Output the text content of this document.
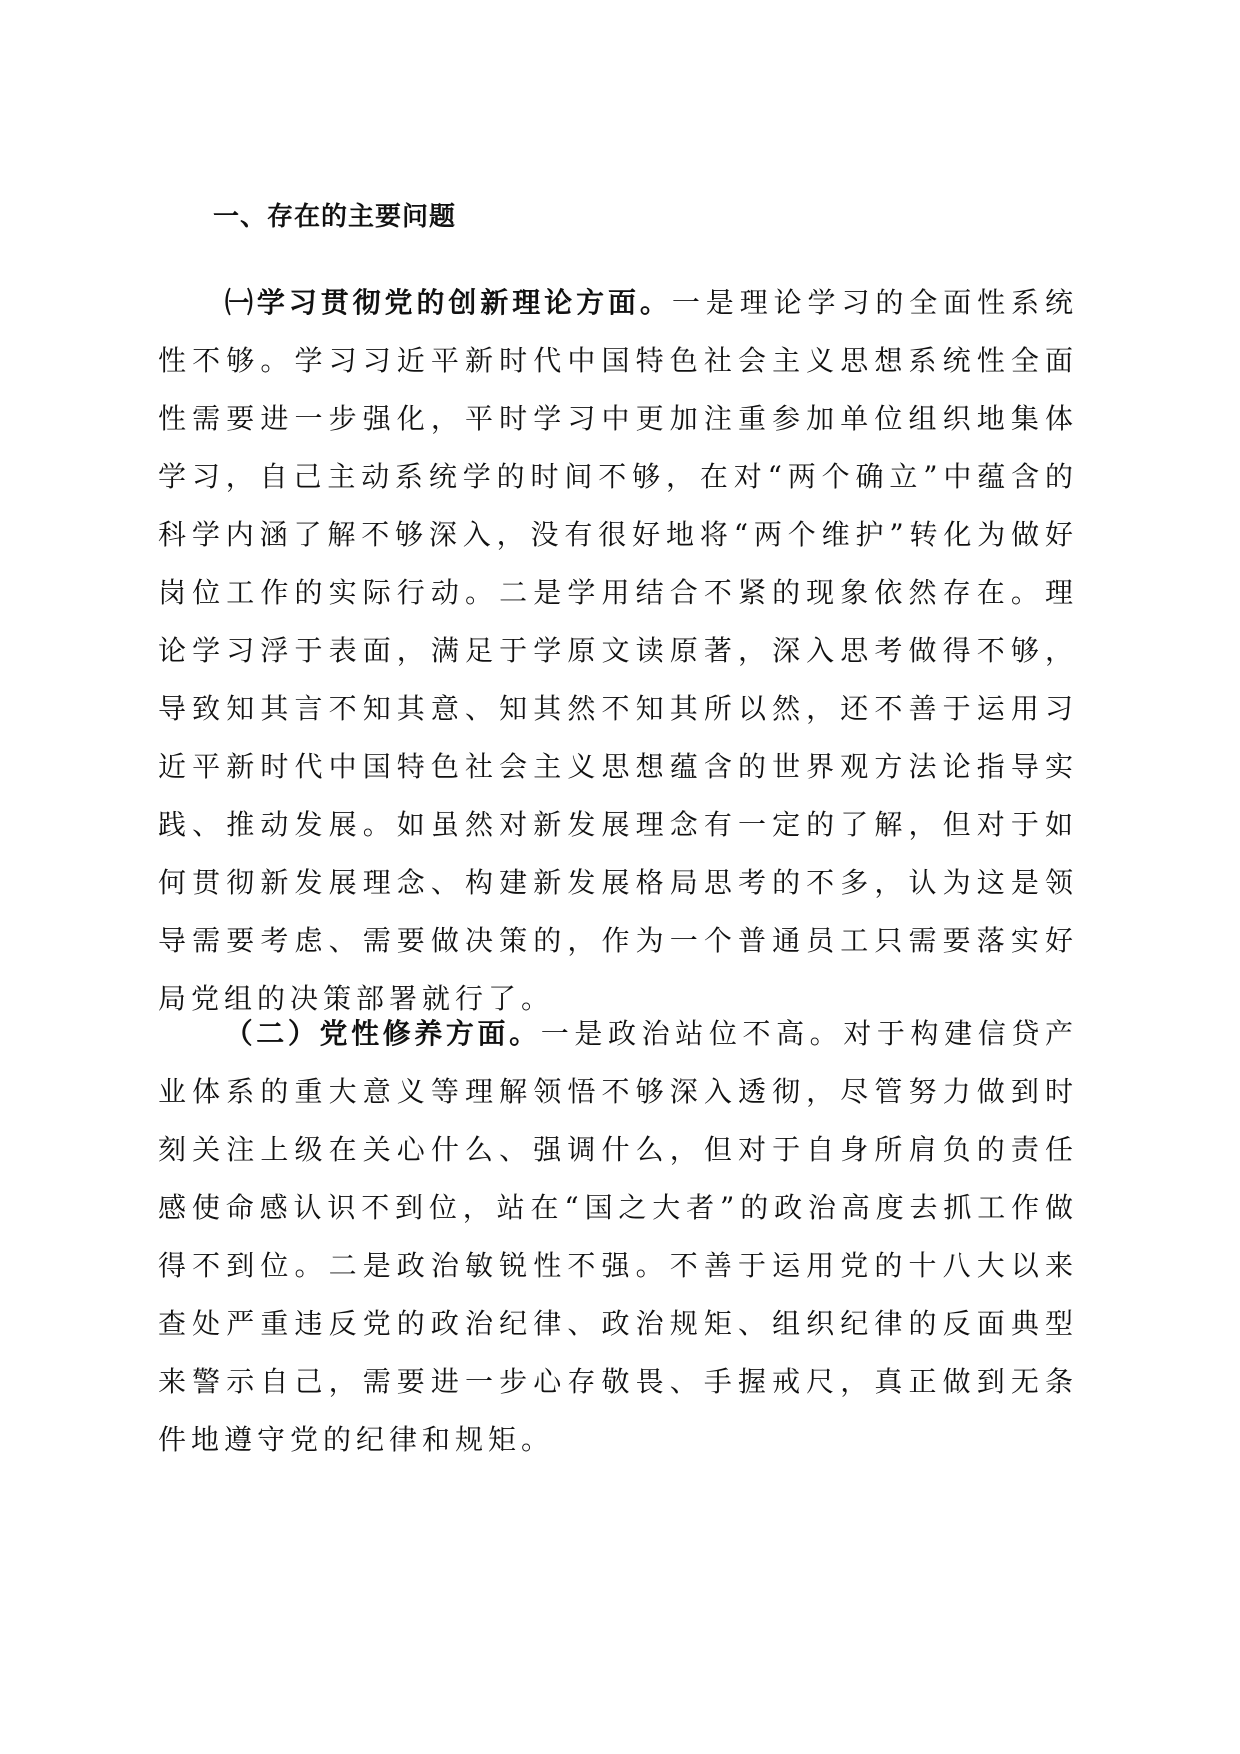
一、存在的主要问题

㈠学习贯彻党的创新理论方面。一是理论学习的全面性系统性不够。学习习近平新时代中国特色社会主义思想系统性全面性需要进一步强化，平时学习中更加注重参加单位组织地集体学习，自己主动系统学的时间不够，在对“两个确立”中蕴含的科学内涵了解不够深入，没有很好地将“两个维护”转化为做好岗位工作的实际行动。二是学用结合不紧的现象依然存在。理论学习浮于表面，满足于学原文读原著，深入思考做得不够，导致知其言不知其意、知其然不知其所以然，还不善于运用习近平新时代中国特色社会主义思想蕴含的世界观方法论指导实践、推动发展。如虽然对新发展理念有一定的了解，但对于如何贯彻新发展理念、构建新发展格局思考的不多，认为这是领导需要考虑、需要做决策的，作为一个普通员工只需要落实好局党组的决策部署就行了。

（二）党性修养方面。一是政治站位不高。对于构建信贷产业体系的重大意义等理解领悟不够深入透彻，尽管努力做到时刻关注上级在关心什么、强调什么，但对于自身所肩负的责任感使命感认识不到位，站在“国之大者”的政治高度去抓工作做得不到位。二是政治敏锐性不强。不善于运用党的十八大以来查处严重违反党的政治纪律、政治规矩、组织纪律的反面典型来警示自己，需要进一步心存敬畏、手握戒尺，真正做到无条件地遵守党的纪律和规矩。
